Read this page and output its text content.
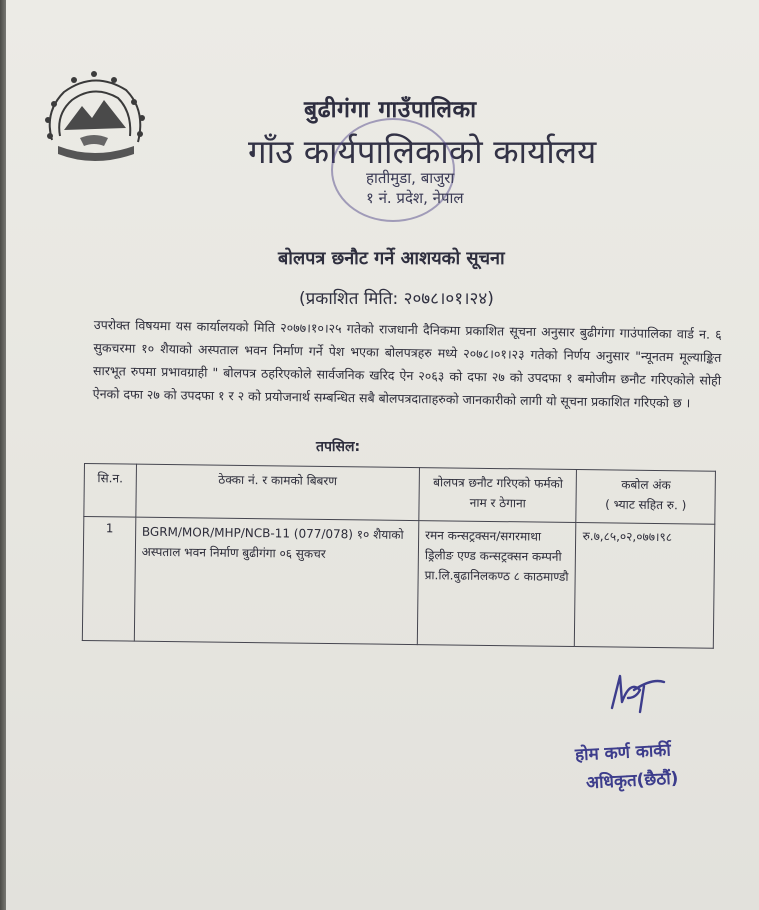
बुढीगंगा गाउँपालिका
गाँउ कार्यपालिकाको कार्यालय
हातीमुडा, बाजुरा
१ नं. प्रदेश, नेपाल
बोलपत्र छनौट गर्ने आशयको सूचना
(प्रकाशित मिति: २०७८।०१।२४)
उपरोक्त विषयमा यस कार्यालयको मिति २०७७।१०।२५ गतेको राजधानी दैनिकमा प्रकाशित सूचना अनुसार बुढीगंगा गाउंपालिका वार्ड न. ६ सुकचरमा १० शैयाको अस्पताल भवन निर्माण गर्ने पेश भएका बोलपत्रहरु मध्ये २०७८।०१।२३ गतेको निर्णय अनुसार "न्यूनतम मूल्याङ्कित सारभूत रुपमा प्रभावग्राही " बोलपत्र ठहरिएकोले सार्वजनिक खरिद ऐन २०६३ को दफा २७ को उपदफा १ बमोजीम छनौट गरिएकोले सोही ऐनको दफा २७ को उपदफा १ र २ को प्रयोजनार्थ सम्बन्धित सबै बोलपत्रदाताहरुको जानकारीको लागी यो सूचना प्रकाशित गरिएको छ ।
तपसिल:
सि.न.	ठेक्का नं. र कामको बिबरण	बोलपत्र छनौट गरिएको फर्मको नाम र ठेगाना	कबोल अंक
( भ्याट सहित रु. )
1	BGRM/MOR/MHP/NCB-11 (077/078) १० शैयाको अस्पताल भवन निर्माण बुढीगंगा ०६ सुकचर	रमन कन्सट्रक्सन/सगरमाथा ड्रिलीङ एण्ड कन्सट्रक्सन कम्पनी प्रा.लि.बुढानिलकण्ठ ८ काठमाण्डौ	रु.७,८५,०२,०७७।९८
होम कर्ण कार्की
अधिकृत(छैठौं)
